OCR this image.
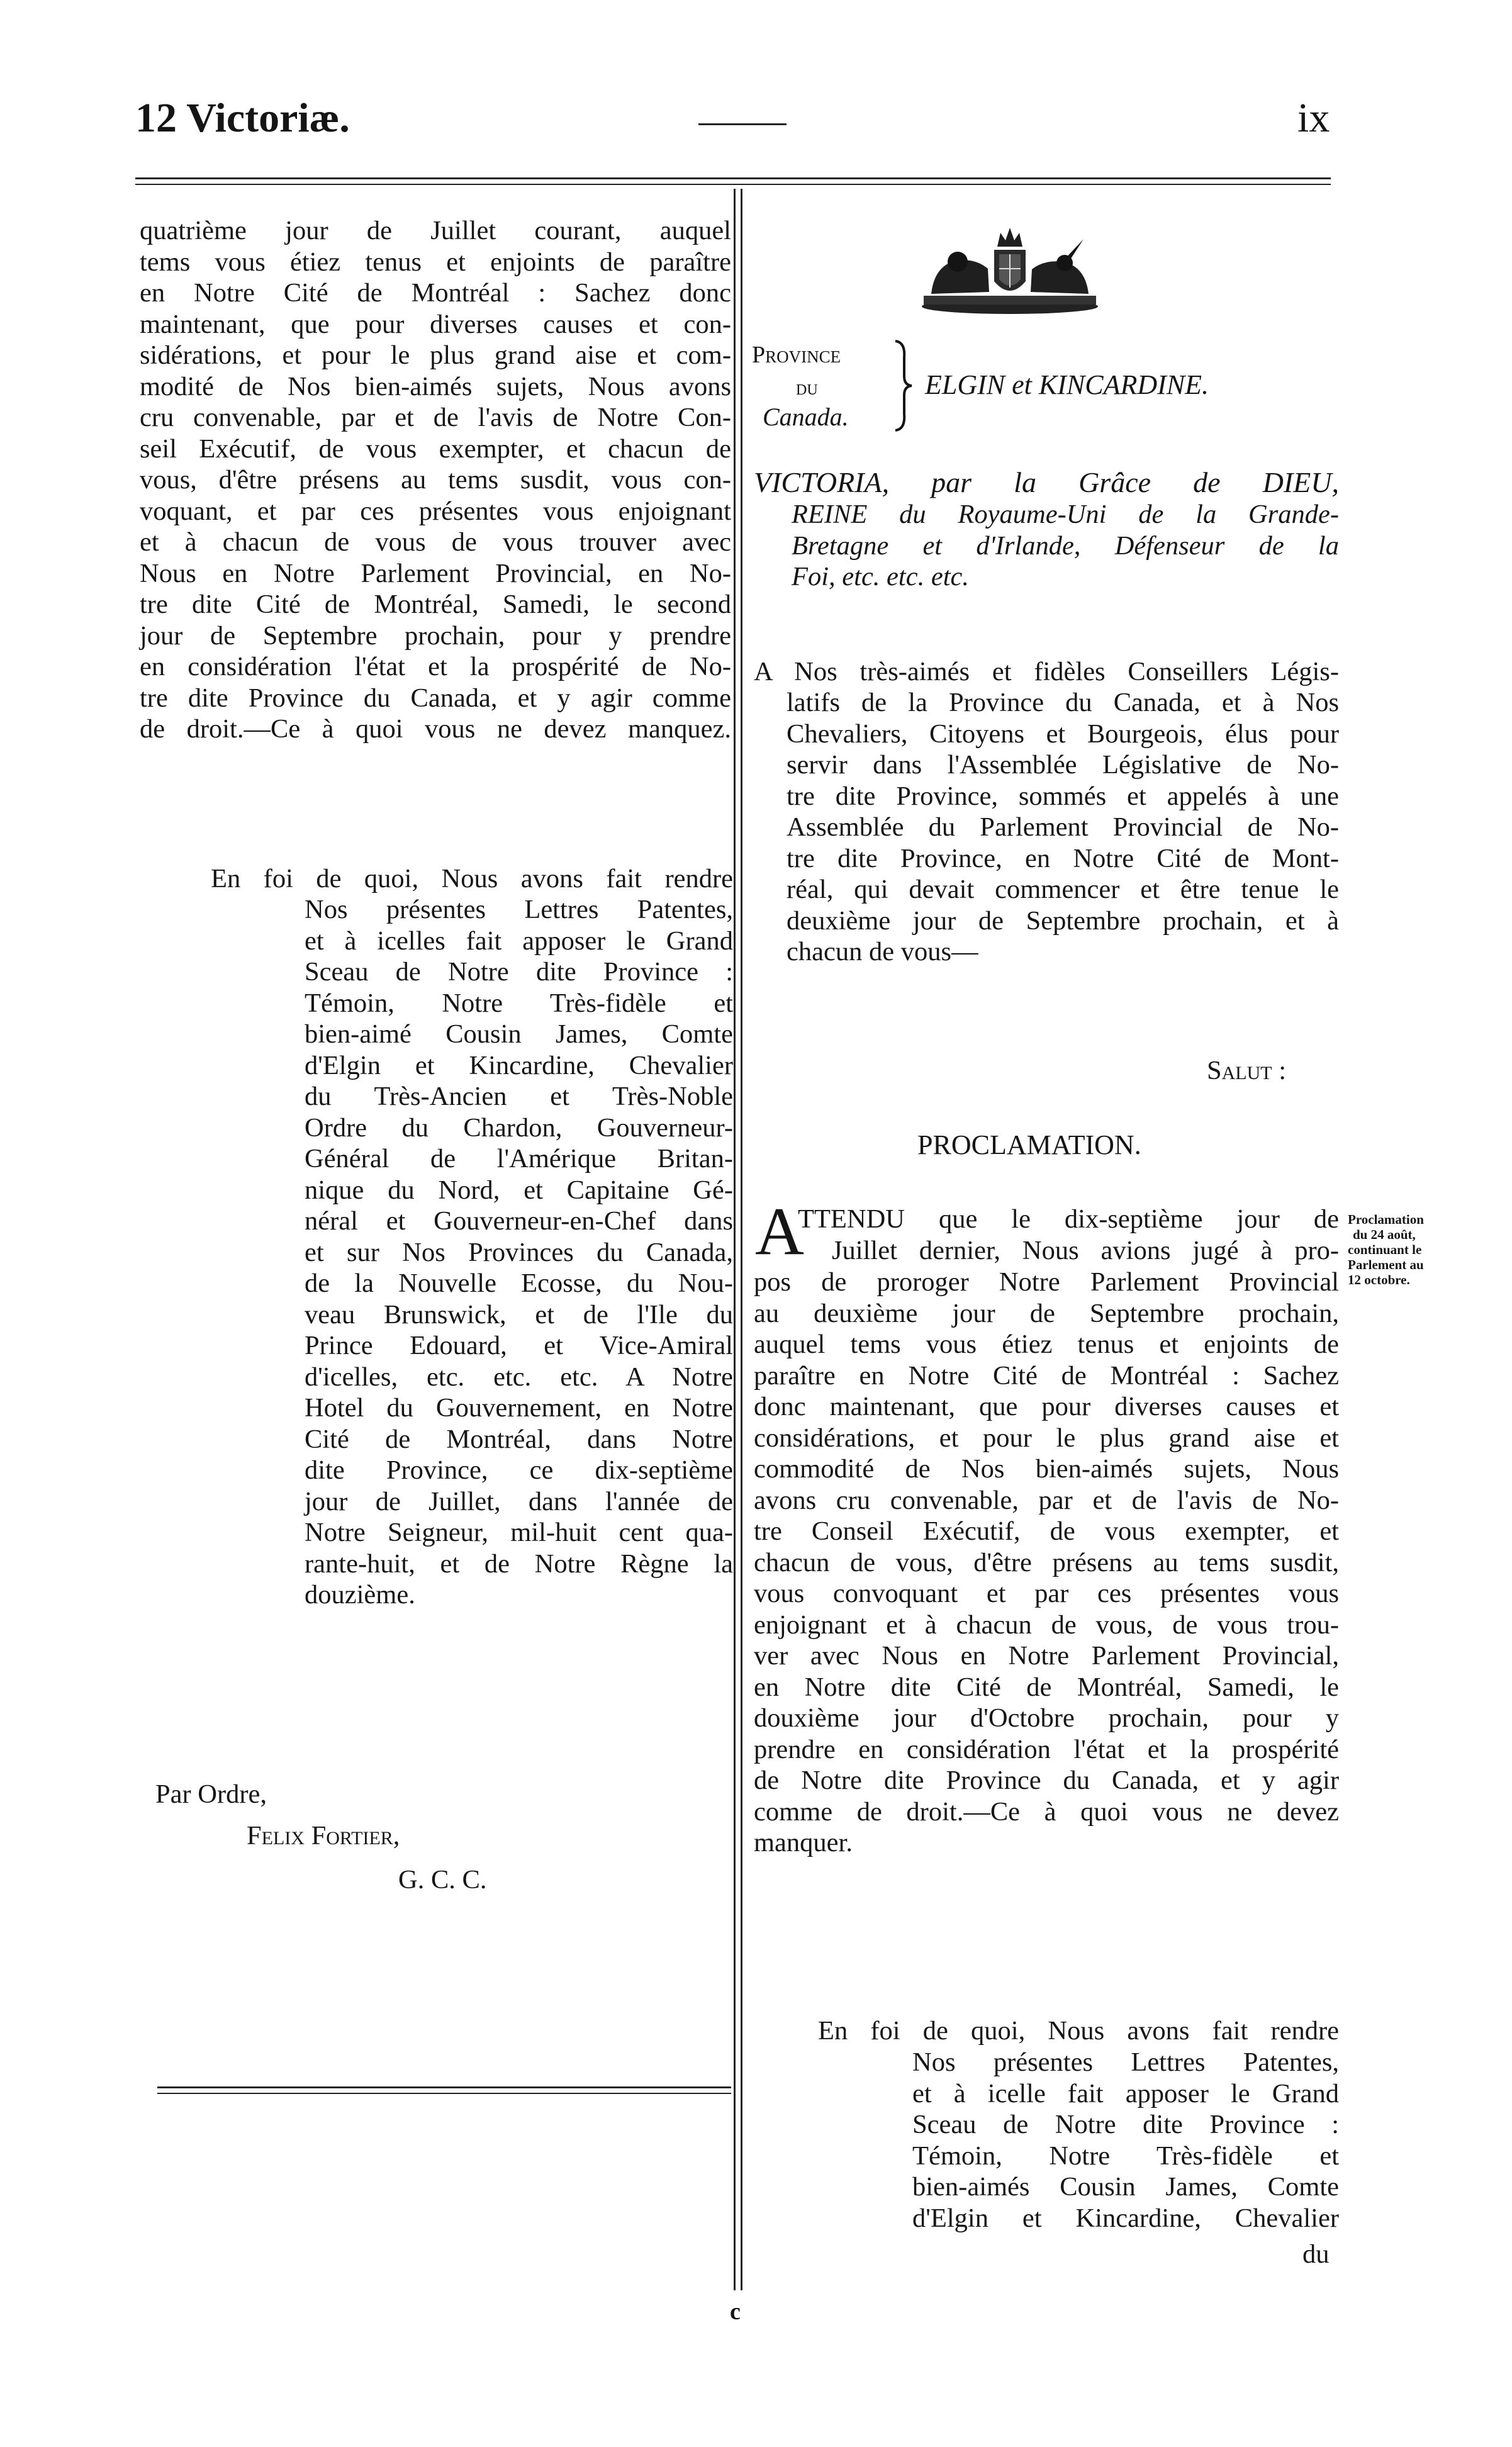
12 Victoriæ.	ix
quatrième jour de Juillet courant, auquel
tems vous étiez tenus et enjoints de paraître
en Notre Cité de Montréal : Sachez donc
maintenant, que pour diverses causes et con-
sidérations, et pour le plus grand aise et com-
modité de Nos bien-aimés sujets, Nous avons
cru convenable, par et de l'avis de Notre Con-
seil Exécutif, de vous exempter, et chacun de
vous, d'être présens au tems susdit, vous con-
voquant, et par ces présentes vous enjoignant
et à chacun de vous de vous trouver avec
Nous en Notre Parlement Provincial, en No-
tre dite Cité de Montréal, Samedi, le second
jour de Septembre prochain, pour y prendre
en considération l'état et la prospérité de No-
tre dite Province du Canada, et y agir comme
de droit.—Ce à quoi vous ne devez manquez.
En foi de quoi, Nous avons fait rendre
Nos présentes Lettres Patentes,
et à icelles fait apposer le Grand
Sceau de Notre dite Province :
Témoin, Notre Très-fidèle et
bien-aimé Cousin James, Comte
d'Elgin et Kincardine, Chevalier
du Très-Ancien et Très-Noble
Ordre du Chardon, Gouverneur-
Général de l'Amérique Britan-
nique du Nord, et Capitaine Gé-
néral et Gouverneur-en-Chef dans
et sur Nos Provinces du Canada,
de la Nouvelle Ecosse, du Nou-
veau Brunswick, et de l'Ile du
Prince Edouard, et Vice-Amiral
d'icelles, etc. etc. etc. A Notre
Hotel du Gouvernement, en Notre
Cité de Montréal, dans Notre
dite Province, ce dix-septième
jour de Juillet, dans l'année de
Notre Seigneur, mil-huit cent qua-
rante-huit, et de Notre Règne la
douzième.
Par Ordre,
Felix Fortier,
G. C. C.
Province
du
Canada.
ELGIN et KINCARDINE.
VICTORIA, par la Grâce de DIEU,
REINE du Royaume-Uni de la Grande-
Bretagne et d'Irlande, Défenseur de la
Foi, etc. etc. etc.
A Nos très-aimés et fidèles Conseillers Légis-
latifs de la Province du Canada, et à Nos
Chevaliers, Citoyens et Bourgeois, élus pour
servir dans l'Assemblée Législative de No-
tre dite Province, sommés et appelés à une
Assemblée du Parlement Provincial de No-
tre dite Province, en Notre Cité de Mont-
réal, qui devait commencer et être tenue le
deuxième jour de Septembre prochain, et à
chacun de vous—
Salut :
PROCLAMATION.
A
TTENDU que le dix-septième jour de
Juillet dernier, Nous avions jugé à pro-
pos de proroger Notre Parlement Provincial
au deuxième jour de Septembre prochain,
auquel tems vous étiez tenus et enjoints de
paraître en Notre Cité de Montréal : Sachez
donc maintenant, que pour diverses causes et
considérations, et pour le plus grand aise et
commodité de Nos bien-aimés sujets, Nous
avons cru convenable, par et de l'avis de No-
tre Conseil Exécutif, de vous exempter, et
chacun de vous, d'être présens au tems susdit,
vous convoquant et par ces présentes vous
enjoignant et à chacun de vous, de vous trou-
ver avec Nous en Notre Parlement Provincial,
en Notre dite Cité de Montréal, Samedi, le
douxième jour d'Octobre prochain, pour y
prendre en considération l'état et la prospérité
de Notre dite Province du Canada, et y agir
comme de droit.—Ce à quoi vous ne devez
manquer.
Proclamation
du 24 août,
continuant le
Parlement au
12 octobre.
En foi de quoi, Nous avons fait rendre
Nos présentes Lettres Patentes,
et à icelle fait apposer le Grand
Sceau de Notre dite Province :
Témoin, Notre Très-fidèle et
bien-aimés Cousin James, Comte
d'Elgin et Kincardine, Chevalier
du
c
